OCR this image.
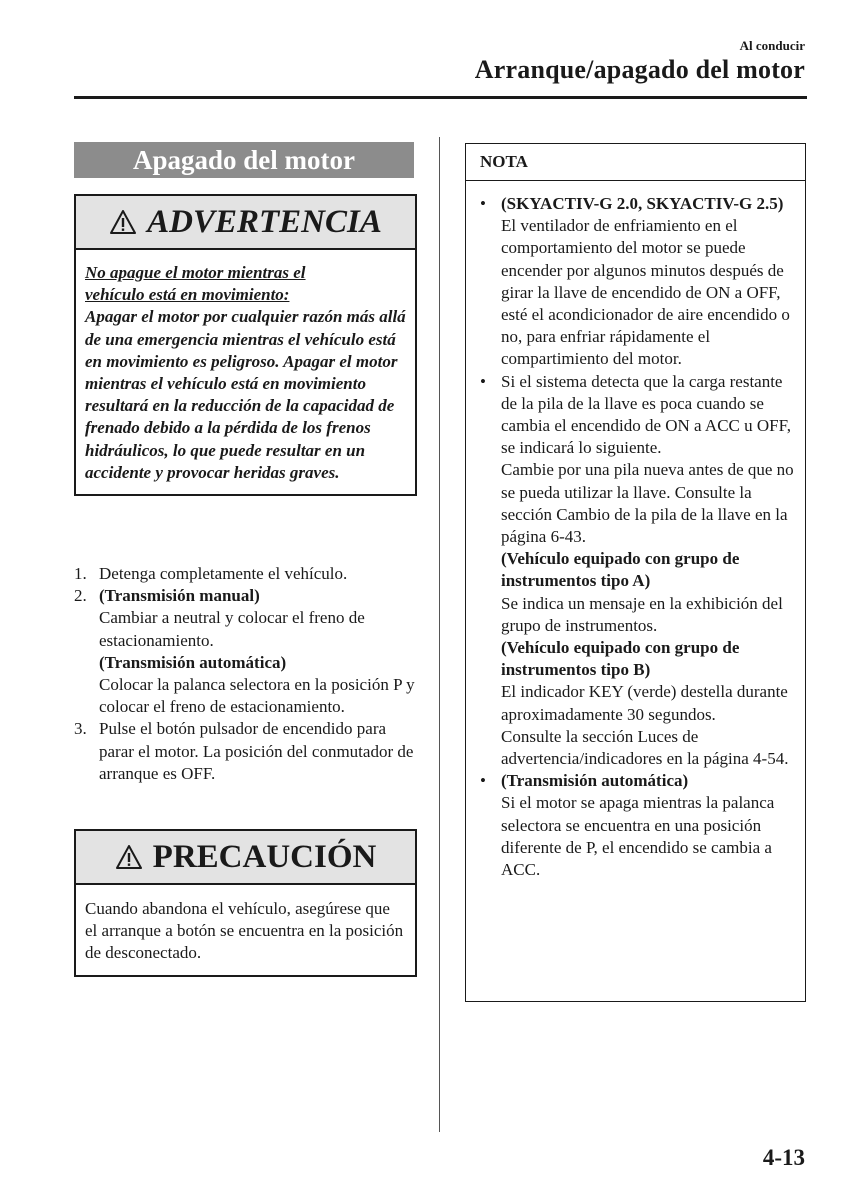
Al conducir
Arranque/apagado del motor
Apagado del motor
ADVERTENCIA
No apague el motor mientras el
vehículo está en movimiento:
Apagar el motor por cualquier razón más allá de una emergencia mientras el vehículo está en movimiento es peligroso. Apagar el motor mientras el vehículo está en movimiento resultará en la reducción de la capacidad de frenado debido a la pérdida de los frenos hidráulicos, lo que puede resultar en un accidente y provocar heridas graves.
1. Detenga completamente el vehículo.
2. (Transmisión manual)
Cambiar a neutral y colocar el freno de estacionamiento.
(Transmisión automática)
Colocar la palanca selectora en la posición P y colocar el freno de estacionamiento.
3. Pulse el botón pulsador de encendido para parar el motor. La posición del conmutador de arranque es OFF.
PRECAUCIÓN
Cuando abandona el vehículo, asegúrese que el arranque a botón se encuentra en la posición de desconectado.
NOTA
• (SKYACTIV-G 2.0, SKYACTIV-G 2.5)
El ventilador de enfriamiento en el comportamiento del motor se puede encender por algunos minutos después de girar la llave de encendido de ON a OFF, esté el acondicionador de aire encendido o no, para enfriar rápidamente el compartimiento del motor.
• Si el sistema detecta que la carga restante de la pila de la llave es poca cuando se cambia el encendido de ON a ACC u OFF, se indicará lo siguiente.
Cambie por una pila nueva antes de que no se pueda utilizar la llave. Consulte la sección Cambio de la pila de la llave en la página 6-43.
(Vehículo equipado con grupo de instrumentos tipo A)
Se indica un mensaje en la exhibición del grupo de instrumentos.
(Vehículo equipado con grupo de instrumentos tipo B)
El indicador KEY (verde) destella durante aproximadamente 30 segundos.
Consulte la sección Luces de advertencia/indicadores en la página 4-54.
• (Transmisión automática)
Si el motor se apaga mientras la palanca selectora se encuentra en una posición diferente de P, el encendido se cambia a ACC.
4-13
